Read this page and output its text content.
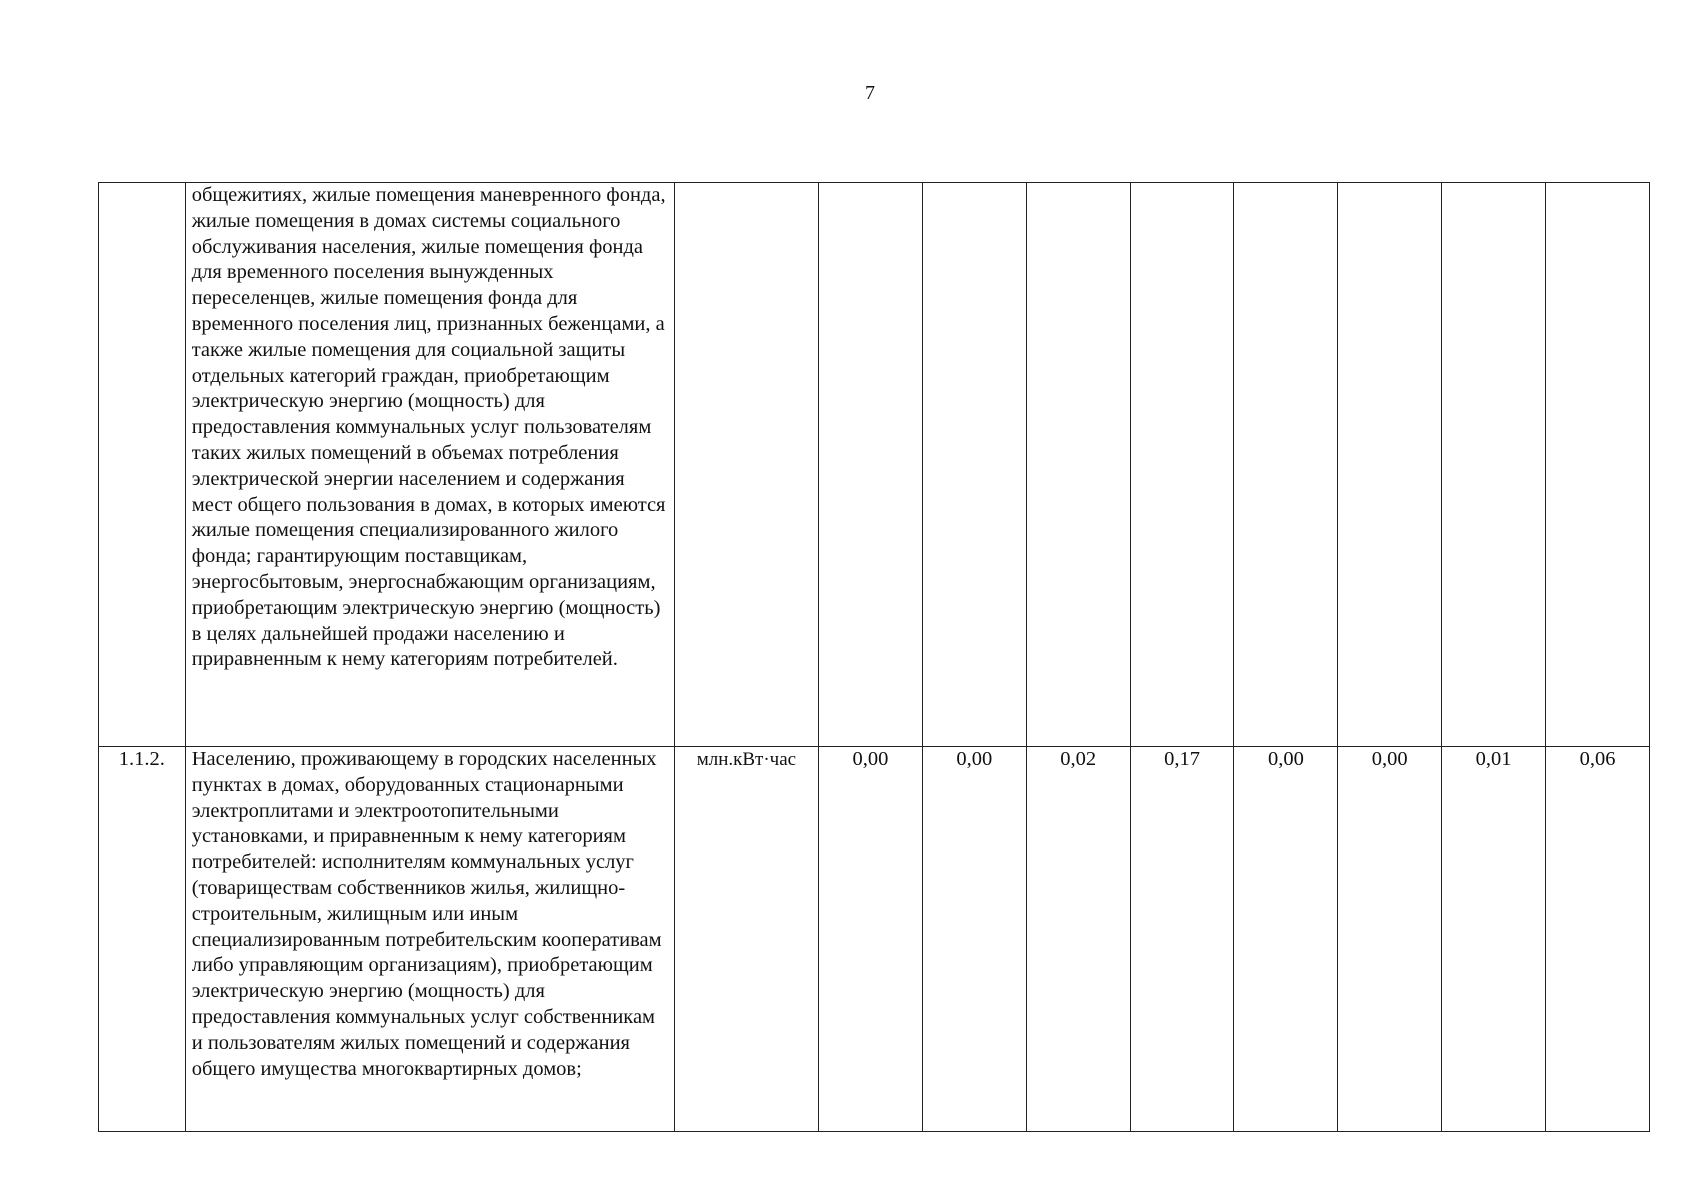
7

	общежитиях, жилые помещения маневренного фонда, жилые помещения в домах системы социального обслуживания населения, жилые помещения фонда для временного поселения вынужденных переселенцев, жилые помещения фонда для временного поселения лиц, признанных беженцами, а также жилые помещения для социальной защиты отдельных категорий граждан, приобретающим электрическую энергию (мощность) для предоставления коммунальных услуг пользователям таких жилых помещений в объемах потребления электрической энергии населением и содержания мест общего пользования в домах, в которых имеются жилые помещения специализированного жилого фонда; гарантирующим поставщикам, энергосбытовым, энергоснабжающим организациям, приобретающим электрическую энергию (мощность) в целях дальнейшей продажи населению и приравненным к нему категориям потребителей.									

1.1.2.	Населению, проживающему в городских населенных пунктах в домах, оборудованных стационарными электроплитами и электроотопительными установками, и приравненным к нему категориям потребителей: исполнителям коммунальных услуг (товариществам собственников жилья, жилищно-строительным, жилищным или иным специализированным потребительским кооперативам либо управляющим организациям), приобретающим электрическую энергию (мощность) для предоставления коммунальных услуг собственникам и пользователям жилых помещений и содержания общего имущества многоквартирных домов;	млн.кВт·час	0,00	0,00	0,02	0,17	0,00	0,00	0,01	0,06
